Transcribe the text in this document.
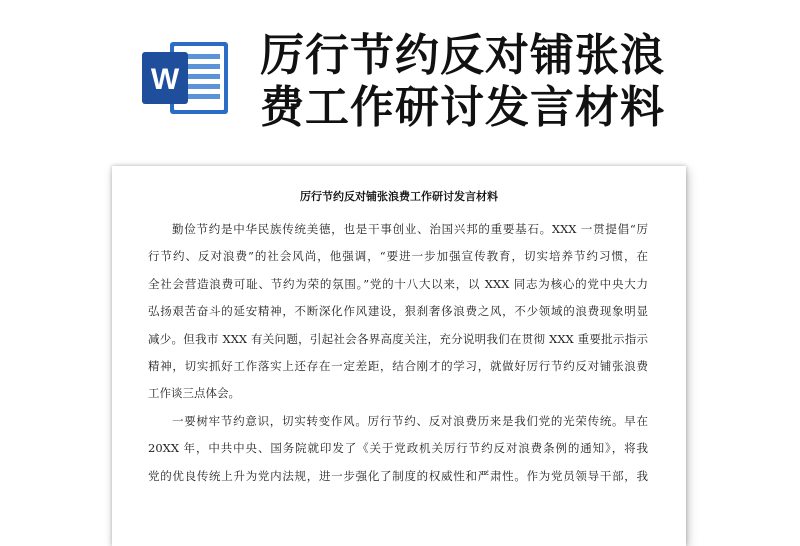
W 厉行节约反对铺张浪
费工作研讨发言材料
厉行节约反对铺张浪费工作研讨发言材料
勤俭节约是中华民族传统美德，也是干事创业、治国兴邦的重要基石。XXX 一贯提倡“厉
行节约、反对浪费”的社会风尚，他强调，“要进一步加强宣传教育，切实培养节约习惯，在
全社会营造浪费可耻、节约为荣的氛围。”党的十八大以来，以 XXX 同志为核心的党中央大力
弘扬艰苦奋斗的延安精神，不断深化作风建设，狠刹奢侈浪费之风，不少领域的浪费现象明显
减少。但我市 XXX 有关问题，引起社会各界高度关注，充分说明我们在贯彻 XXX 重要批示指示
精神，切实抓好工作落实上还存在一定差距，结合刚才的学习，就做好厉行节约反对铺张浪费
工作谈三点体会。
一要树牢节约意识，切实转变作风。厉行节约、反对浪费历来是我们党的光荣传统。早在
20XX 年，中共中央、国务院就印发了《关于党政机关厉行节约反对浪费条例的通知》，将我
党的优良传统上升为党内法规，进一步强化了制度的权威性和严肃性。作为党员领导干部，我
